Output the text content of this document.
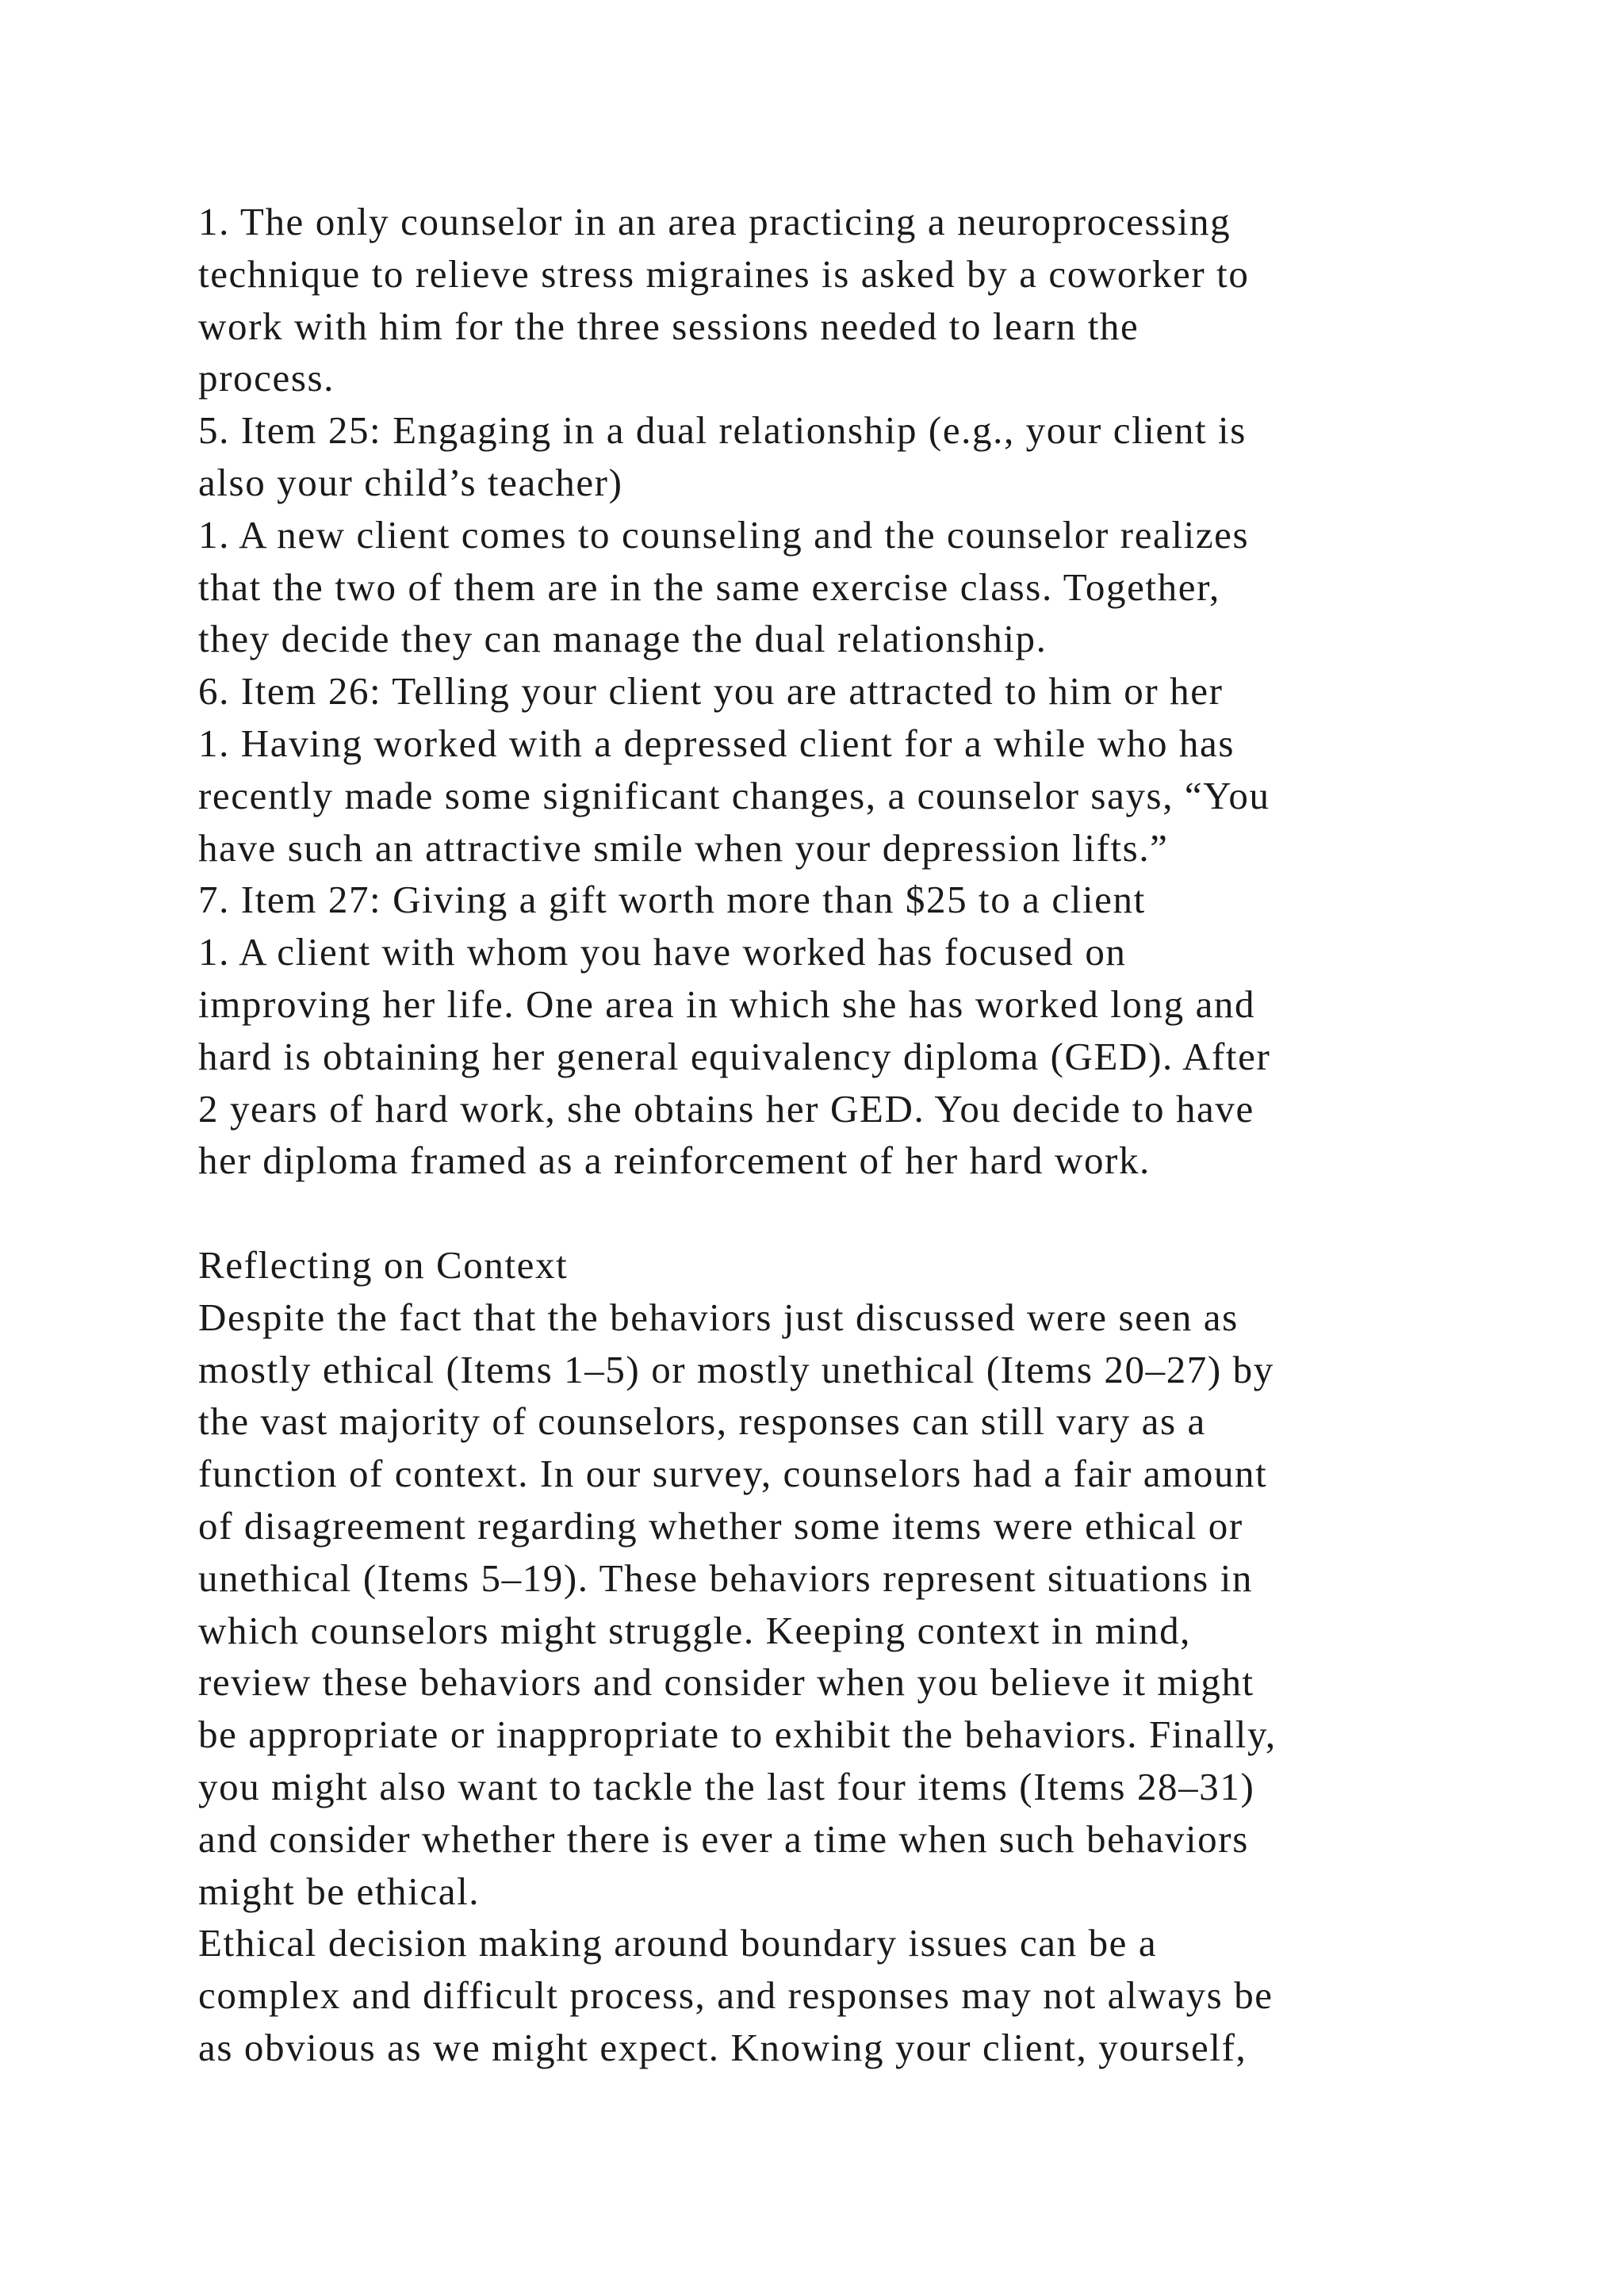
1. The only counselor in an area practicing a neuroprocessing
technique to relieve stress migraines is asked by a coworker to
work with him for the three sessions needed to learn the
process.
5. Item 25: Engaging in a dual relationship (e.g., your client is
also your child’s teacher)
1. A new client comes to counseling and the counselor realizes
that the two of them are in the same exercise class. Together,
they decide they can manage the dual relationship.
6. Item 26: Telling your client you are attracted to him or her
1. Having worked with a depressed client for a while who has
recently made some significant changes, a counselor says, “You
have such an attractive smile when your depression lifts.”
7. Item 27: Giving a gift worth more than $25 to a client
1. A client with whom you have worked has focused on
improving her life. One area in which she has worked long and
hard is obtaining her general equivalency diploma (GED). After
2 years of hard work, she obtains her GED. You decide to have
her diploma framed as a reinforcement of her hard work.
Reflecting on Context
Despite the fact that the behaviors just discussed were seen as
mostly ethical (Items 1–5) or mostly unethical (Items 20–27) by
the vast majority of counselors, responses can still vary as a
function of context. In our survey, counselors had a fair amount
of disagreement regarding whether some items were ethical or
unethical (Items 5–19). These behaviors represent situations in
which counselors might struggle. Keeping context in mind,
review these behaviors and consider when you believe it might
be appropriate or inappropriate to exhibit the behaviors. Finally,
you might also want to tackle the last four items (Items 28–31)
and consider whether there is ever a time when such behaviors
might be ethical.
Ethical decision making around boundary issues can be a
complex and difficult process, and responses may not always be
as obvious as we might expect. Knowing your client, yourself,
